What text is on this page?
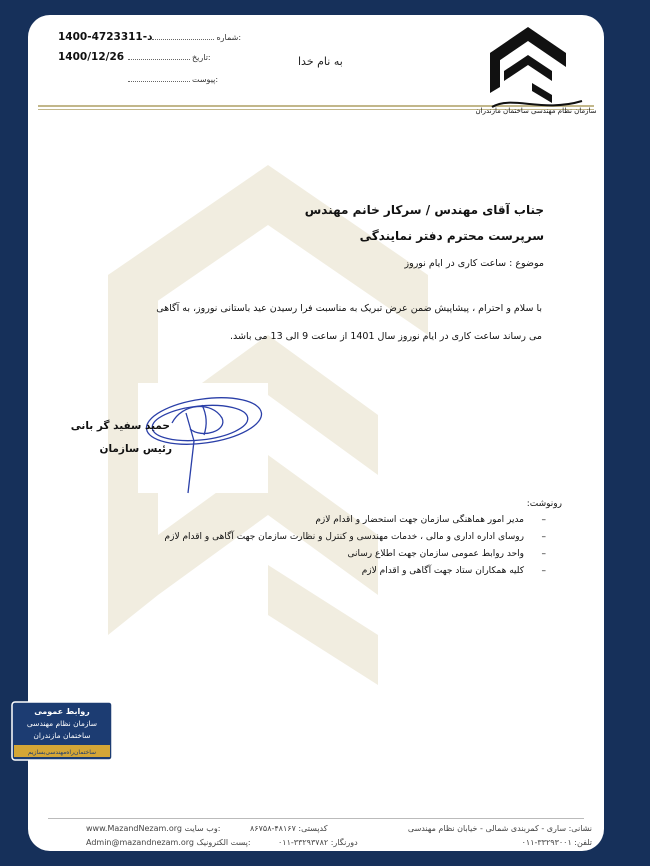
سازمان نظام مهندسی ساختمان مازندران
1400-47د-23311	شماره:
1400/12/26	تاریخ:
پیوست:
به نام خدا
جناب آقای مهندس / سرکار خانم مهندس
سرپرست محترم دفتر نمایندگی
موضوع : ساعت کاری در ایام نوروز
با سلام و احترام ، پیشاپیش ضمن عرض تبریک به مناسبت فرا رسیدن عید باستانی نوروز، به آگاهی
می رساند ساعت کاری در ایام نوروز سال 1401 از ساعت 9 الی 13 می باشد.
حمید سفید گر بانی
رئیس سازمان
رونوشت:
–مدیر امور هماهنگی سازمان جهت استحضار و اقدام لازم
–روسای اداره اداری و مالی ، خدمات مهندسی و کنترل و نظارت سازمان جهت آگاهی و اقدام لازم
–واحد روابط عمومی سازمان جهت اطلاع رسانی
–کلیه همکاران ستاد جهت آگاهی و اقدام لازم
www.MazandNezam.org وب سایت:
Admin@mazandnezam.org پست الکترونیک:
کدپستی: ۴۸۱۶۷-۸۶۷۵۸
دورنگار: ۳۳۲۹۳۷۸۲-۰۱۱
نشانی: ساری - کمربندی شمالی - خیابان نظام مهندسی
تلفن: ۳۳۲۹۳۰۰۱-۰۱۱
روابط عمومی
سازمان نظام مهندسی
ساختمان مازندران
ساختمان‌راه‌مهندسی‌بسازیم
